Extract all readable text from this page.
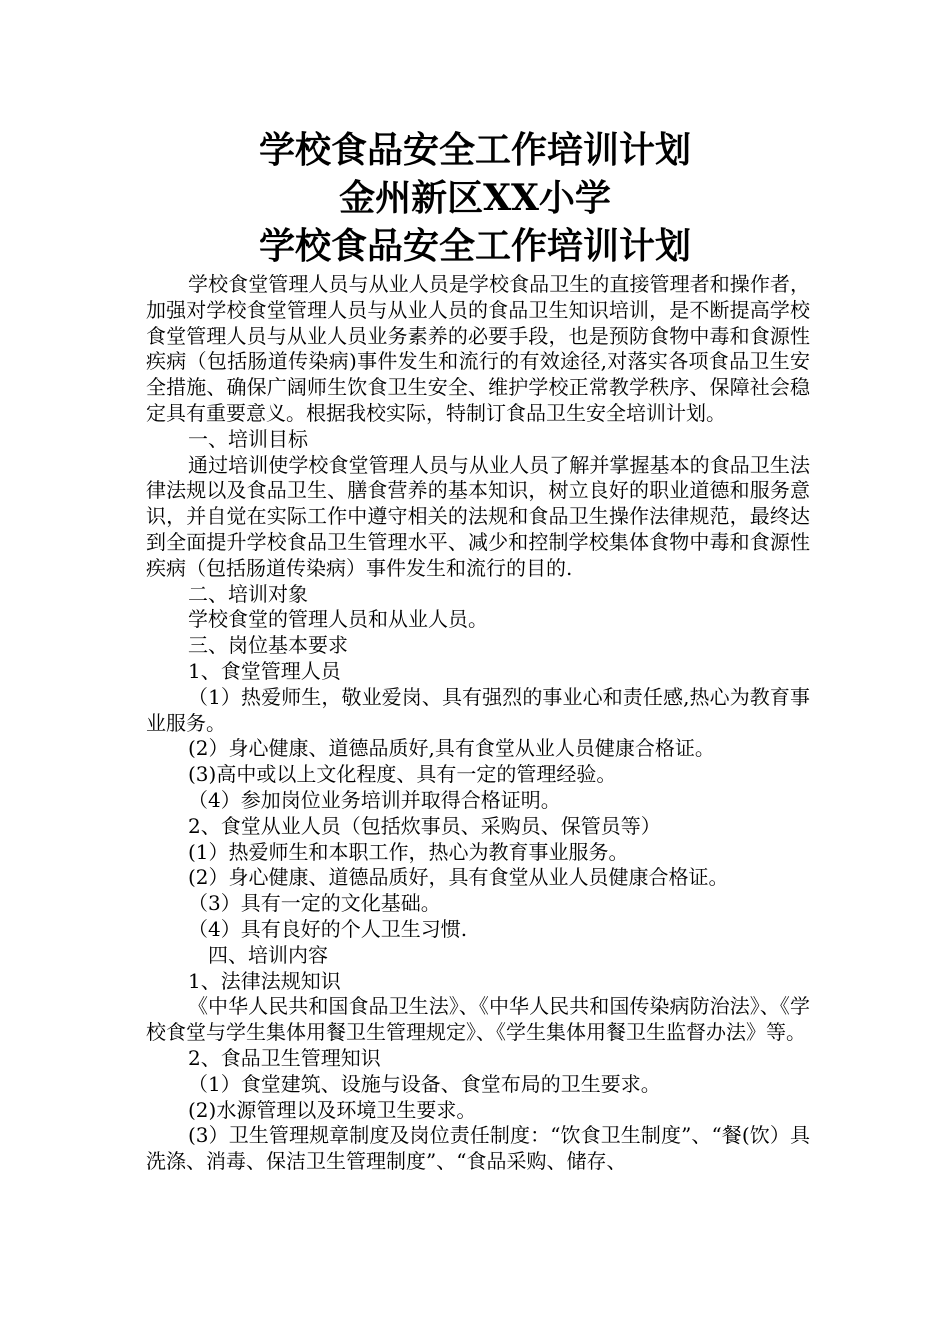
学校食品安全工作培训计划
金州新区XX小学
学校食品安全工作培训计划

学校食堂管理人员与从业人员是学校食品卫生的直接管理者和操作者，加强对学校食堂管理人员与从业人员的食品卫生知识培训，是不断提高学校食堂管理人员与从业人员业务素养的必要手段，也是预防食物中毒和食源性疾病（包括肠道传染病)事件发生和流行的有效途径,对落实各项食品卫生安全措施、确保广阔师生饮食卫生安全、维护学校正常教学秩序、保障社会稳定具有重要意义。根据我校实际，特制订食品卫生安全培训计划。

一、培训目标

通过培训使学校食堂管理人员与从业人员了解并掌握基本的食品卫生法律法规以及食品卫生、膳食营养的基本知识，树立良好的职业道德和服务意识，并自觉在实际工作中遵守相关的法规和食品卫生操作法律规范，最终达到全面提升学校食品卫生管理水平、减少和控制学校集体食物中毒和食源性疾病（包括肠道传染病）事件发生和流行的目的.

二、培训对象

学校食堂的管理人员和从业人员。

三、岗位基本要求

1、食堂管理人员

（1）热爱师生，敬业爱岗、具有强烈的事业心和责任感,热心为教育事业服务。

(2）身心健康、道德品质好,具有食堂从业人员健康合格证。

(3)高中或以上文化程度、具有一定的管理经验。

（4）参加岗位业务培训并取得合格证明。

2、食堂从业人员（包括炊事员、采购员、保管员等）

(1）热爱师生和本职工作，热心为教育事业服务。

(2）身心健康、道德品质好，具有食堂从业人员健康合格证。

（3）具有一定的文化基础。

（4）具有良好的个人卫生习惯.

四、培训内容

1、法律法规知识

《中华人民共和国食品卫生法》、《中华人民共和国传染病防治法》、《学校食堂与学生集体用餐卫生管理规定》、《学生集体用餐卫生监督办法》等。

2、食品卫生管理知识

（1）食堂建筑、设施与设备、食堂布局的卫生要求。

(2)水源管理以及环境卫生要求。

(3）卫生管理规章制度及岗位责任制度：“饮食卫生制度”、“餐(饮）具洗涤、消毒、保洁卫生管理制度”、“食品采购、储存、
